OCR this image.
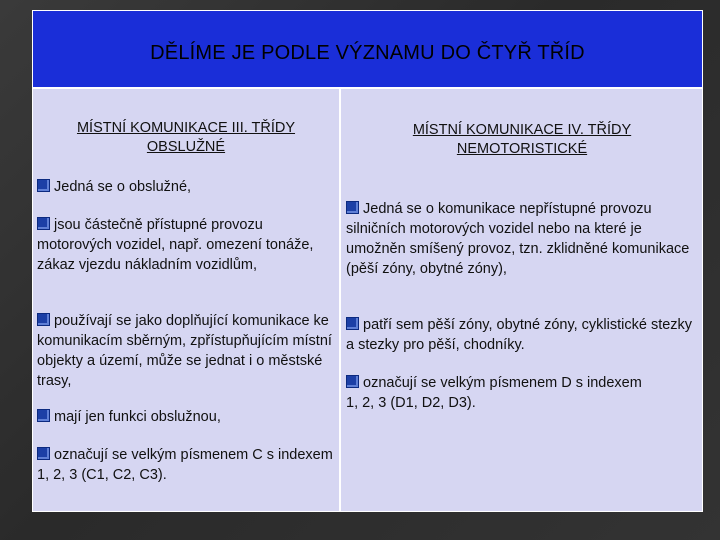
DĚLÍME JE PODLE VÝZNAMU DO ČTYŘ TŘÍD
MÍSTNÍ KOMUNIKACE III. TŘÍDY
OBSLUŽNÉ
Jedná se o obslužné,
jsou částečně přístupné provozu motorových vozidel, např. omezení tonáže, zákaz vjezdu nákladním vozidlům,
používají se jako doplňující komunikace ke komunikacím sběrným, zpřístupňujícím místní objekty a území, může se jednat i o městské trasy,
mají jen funkci obslužnou,
označují se velkým písmenem C s indexem 1, 2, 3 (C1, C2, C3).
MÍSTNÍ KOMUNIKACE IV. TŘÍDY
NEMOTORISTICKÉ
Jedná se o komunikace nepřístupné provozu silničních motorových vozidel nebo na které je umožněn smíšený provoz, tzn. zklidněné komunikace (pěší zóny, obytné zóny),
patří sem pěší zóny, obytné zóny, cyklistické stezky a stezky pro pěší, chodníky.
označují se velkým písmenem D s indexem 1, 2, 3 (D1, D2, D3).
